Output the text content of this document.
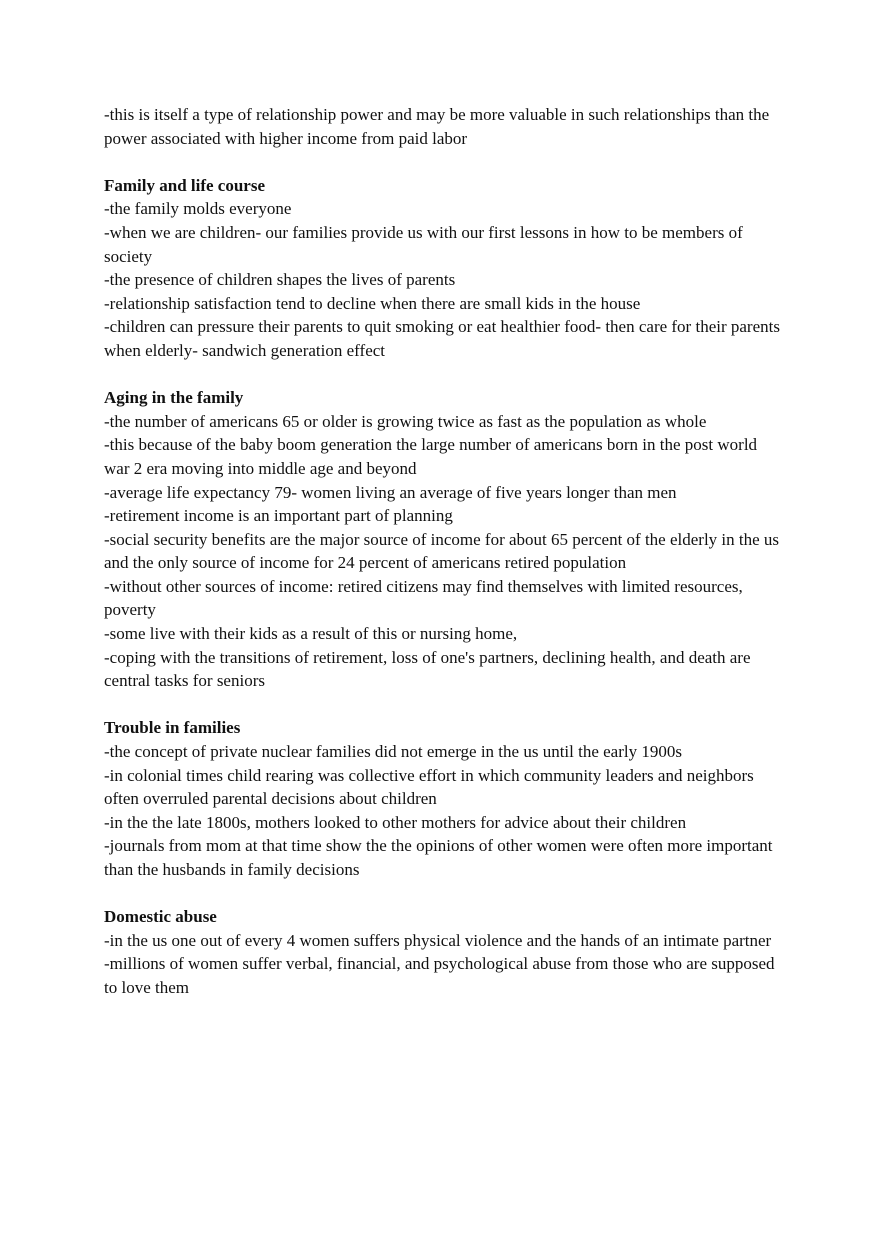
-this is itself a type of relationship power and may be more valuable in such relationships than the power associated with higher income from paid labor

Family and life course

-the family molds everyone

-when we are children- our families provide us with our first lessons in how to be members of society

-the presence of children shapes the lives of parents

-relationship satisfaction tend to decline when there are small kids in the house

-children can pressure their parents to quit smoking or eat healthier food- then care for their parents when elderly- sandwich generation effect

Aging in the family

-the number of americans 65 or older is growing twice as fast as the population as whole

-this because of the baby boom generation the large number of americans born in the post world war 2 era moving into middle age and beyond

-average life expectancy 79- women living an average of five years longer than men

-retirement income is an important part of planning

-social security benefits are the major source of income for about 65 percent of the elderly in the us and the only source of income for 24 percent of americans retired population

-without other sources of income: retired citizens may find themselves with limited resources, poverty

-some live with their kids as a result of this or nursing home,

-coping with the transitions of retirement, loss of one's partners, declining health, and death are central tasks for seniors

Trouble in families

-the concept of private nuclear families did not emerge in the us until the early 1900s

-in colonial times child rearing was collective effort in which community leaders and neighbors often overruled parental decisions about children

-in the the late 1800s, mothers looked to other mothers for advice about their children

-journals from mom at that time show the the opinions of other women were often more important than the husbands in family decisions

Domestic abuse

-in the us one out of every 4 women suffers physical violence and the hands of an intimate partner

-millions of women suffer verbal, financial, and psychological abuse from those who are supposed to love them
